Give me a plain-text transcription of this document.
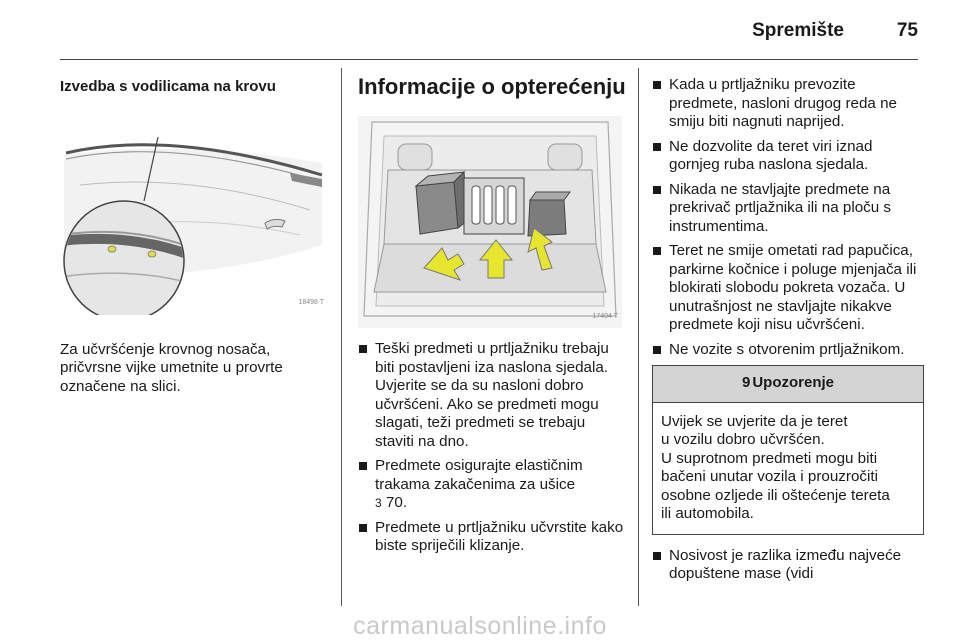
Spremište	75
Izvedba s vodilicama na krovu
18498 T

Za učvršćenje krovnog nosača, pričvrsne vijke umetnite u provrte označene na slici.

Informacije o opterećenju
17404 T
Teški predmeti u prtljažniku trebaju biti postavljeni iza naslona sjedala. Uvjerite se da su nasloni dobro učvršćeni. Ako se predmeti mogu slagati, teži predmeti se trebaju staviti na dno.
Predmete osigurajte elastičnim trakama zakačenima za ušice
3 70.
Predmete u prtljažniku učvrstite kako biste spriječili klizanje.
Kada u prtljažniku prevozite predmete, nasloni drugog reda ne smiju biti nagnuti naprijed.
Ne dozvolite da teret viri iznad gornjeg ruba naslona sjedala.
Nikada ne stavljajte predmete na prekrivač prtljažnika ili na ploču s instrumentima.
Teret ne smije ometati rad papučica, parkirne kočnice i poluge mjenjača ili blokirati slobodu pokreta vozača. U unutrašnjost ne stavljajte nikakve predmete koji nisu učvršćeni.
Ne vozite s otvorenim prtljažnikom.
9 Upozorenje
Uvijek se uvjerite da je teret
u vozilu dobro učvršćen.
U suprotnom predmeti mogu biti
bačeni unutar vozila i prouzročiti
osobne ozljede ili oštećenje tereta
ili automobila.
Nosivost je razlika između najveće dopuštene mase (vidi
carmanualsonline.info
